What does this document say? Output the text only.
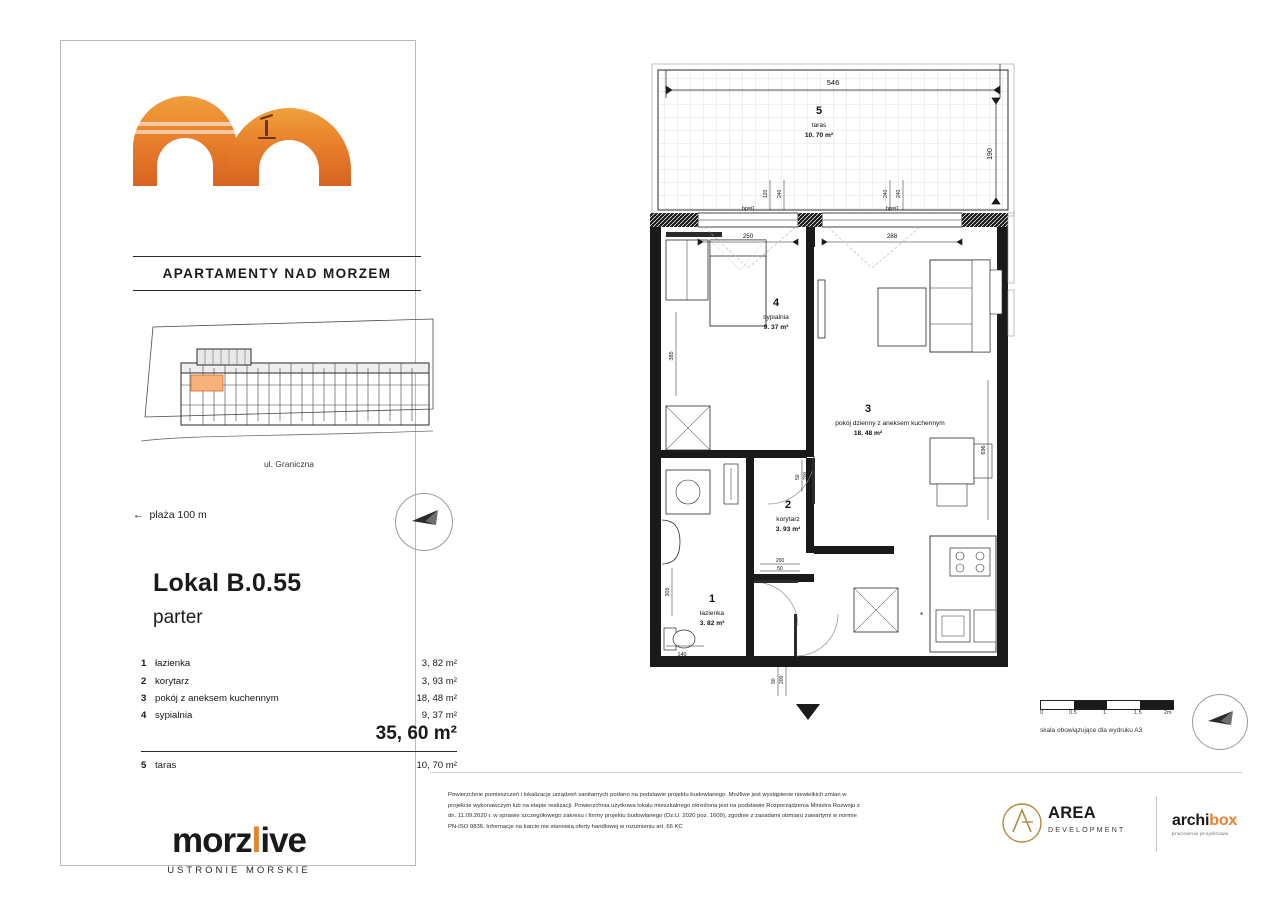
APARTAMENTY NAD MORZEM
ul. Graniczna
← plaża 100 m
Lokal B.0.55
parter
1	łazienka	3, 82 m²
2	korytarz	3, 93 m²
3	pokój z aneksem kuchennym	18, 48 m²
4	sypialnia	9, 37 m²
35, 60 m²
5	taras	10, 70 m²
morzlive
USTRONIE MORSKIE
546
190
5
taras
10. 70 m²
120 240	240 240
4
sypialnia
9. 37 m²
385
250	288
hp=0	hp=0
3
pokój dzienny z aneksem kuchennym
18. 48 m²
696
2
korytarz
3. 93 m²
50 200
200
50
90 200
1
łazienka
3. 82 m²
305
140
*
0	0.5	1	1.5	2m
skala obowiązujące dla wydruku A3
Powierzchnie pomieszczeń i lokalizacje urządzeń sanitarnych podano na podstawie projektu budowlanego. Możliwe jest wystąpienie niewielkich zmian w projekcie wykonawczym lub na etapie realizacji. Powierzchnia użytkowa lokalu mieszkalnego określona jest na podstawie Rozporządzenia Ministra Rozwoju z dn. 11.09.2020 r. w sprawie szczegółowego zakresu i formy projektu budowlanego (Dz.U. 2020 poz. 1609), zgodnie z zasadami obmiaru zawartymi w normie PN-ISO 9836. Informacje na karcie nie stanowią oferty handlowej w rozumieniu art. 66 KC
AREA
DEVELOPMENT
archibox
pracownia projektowa
